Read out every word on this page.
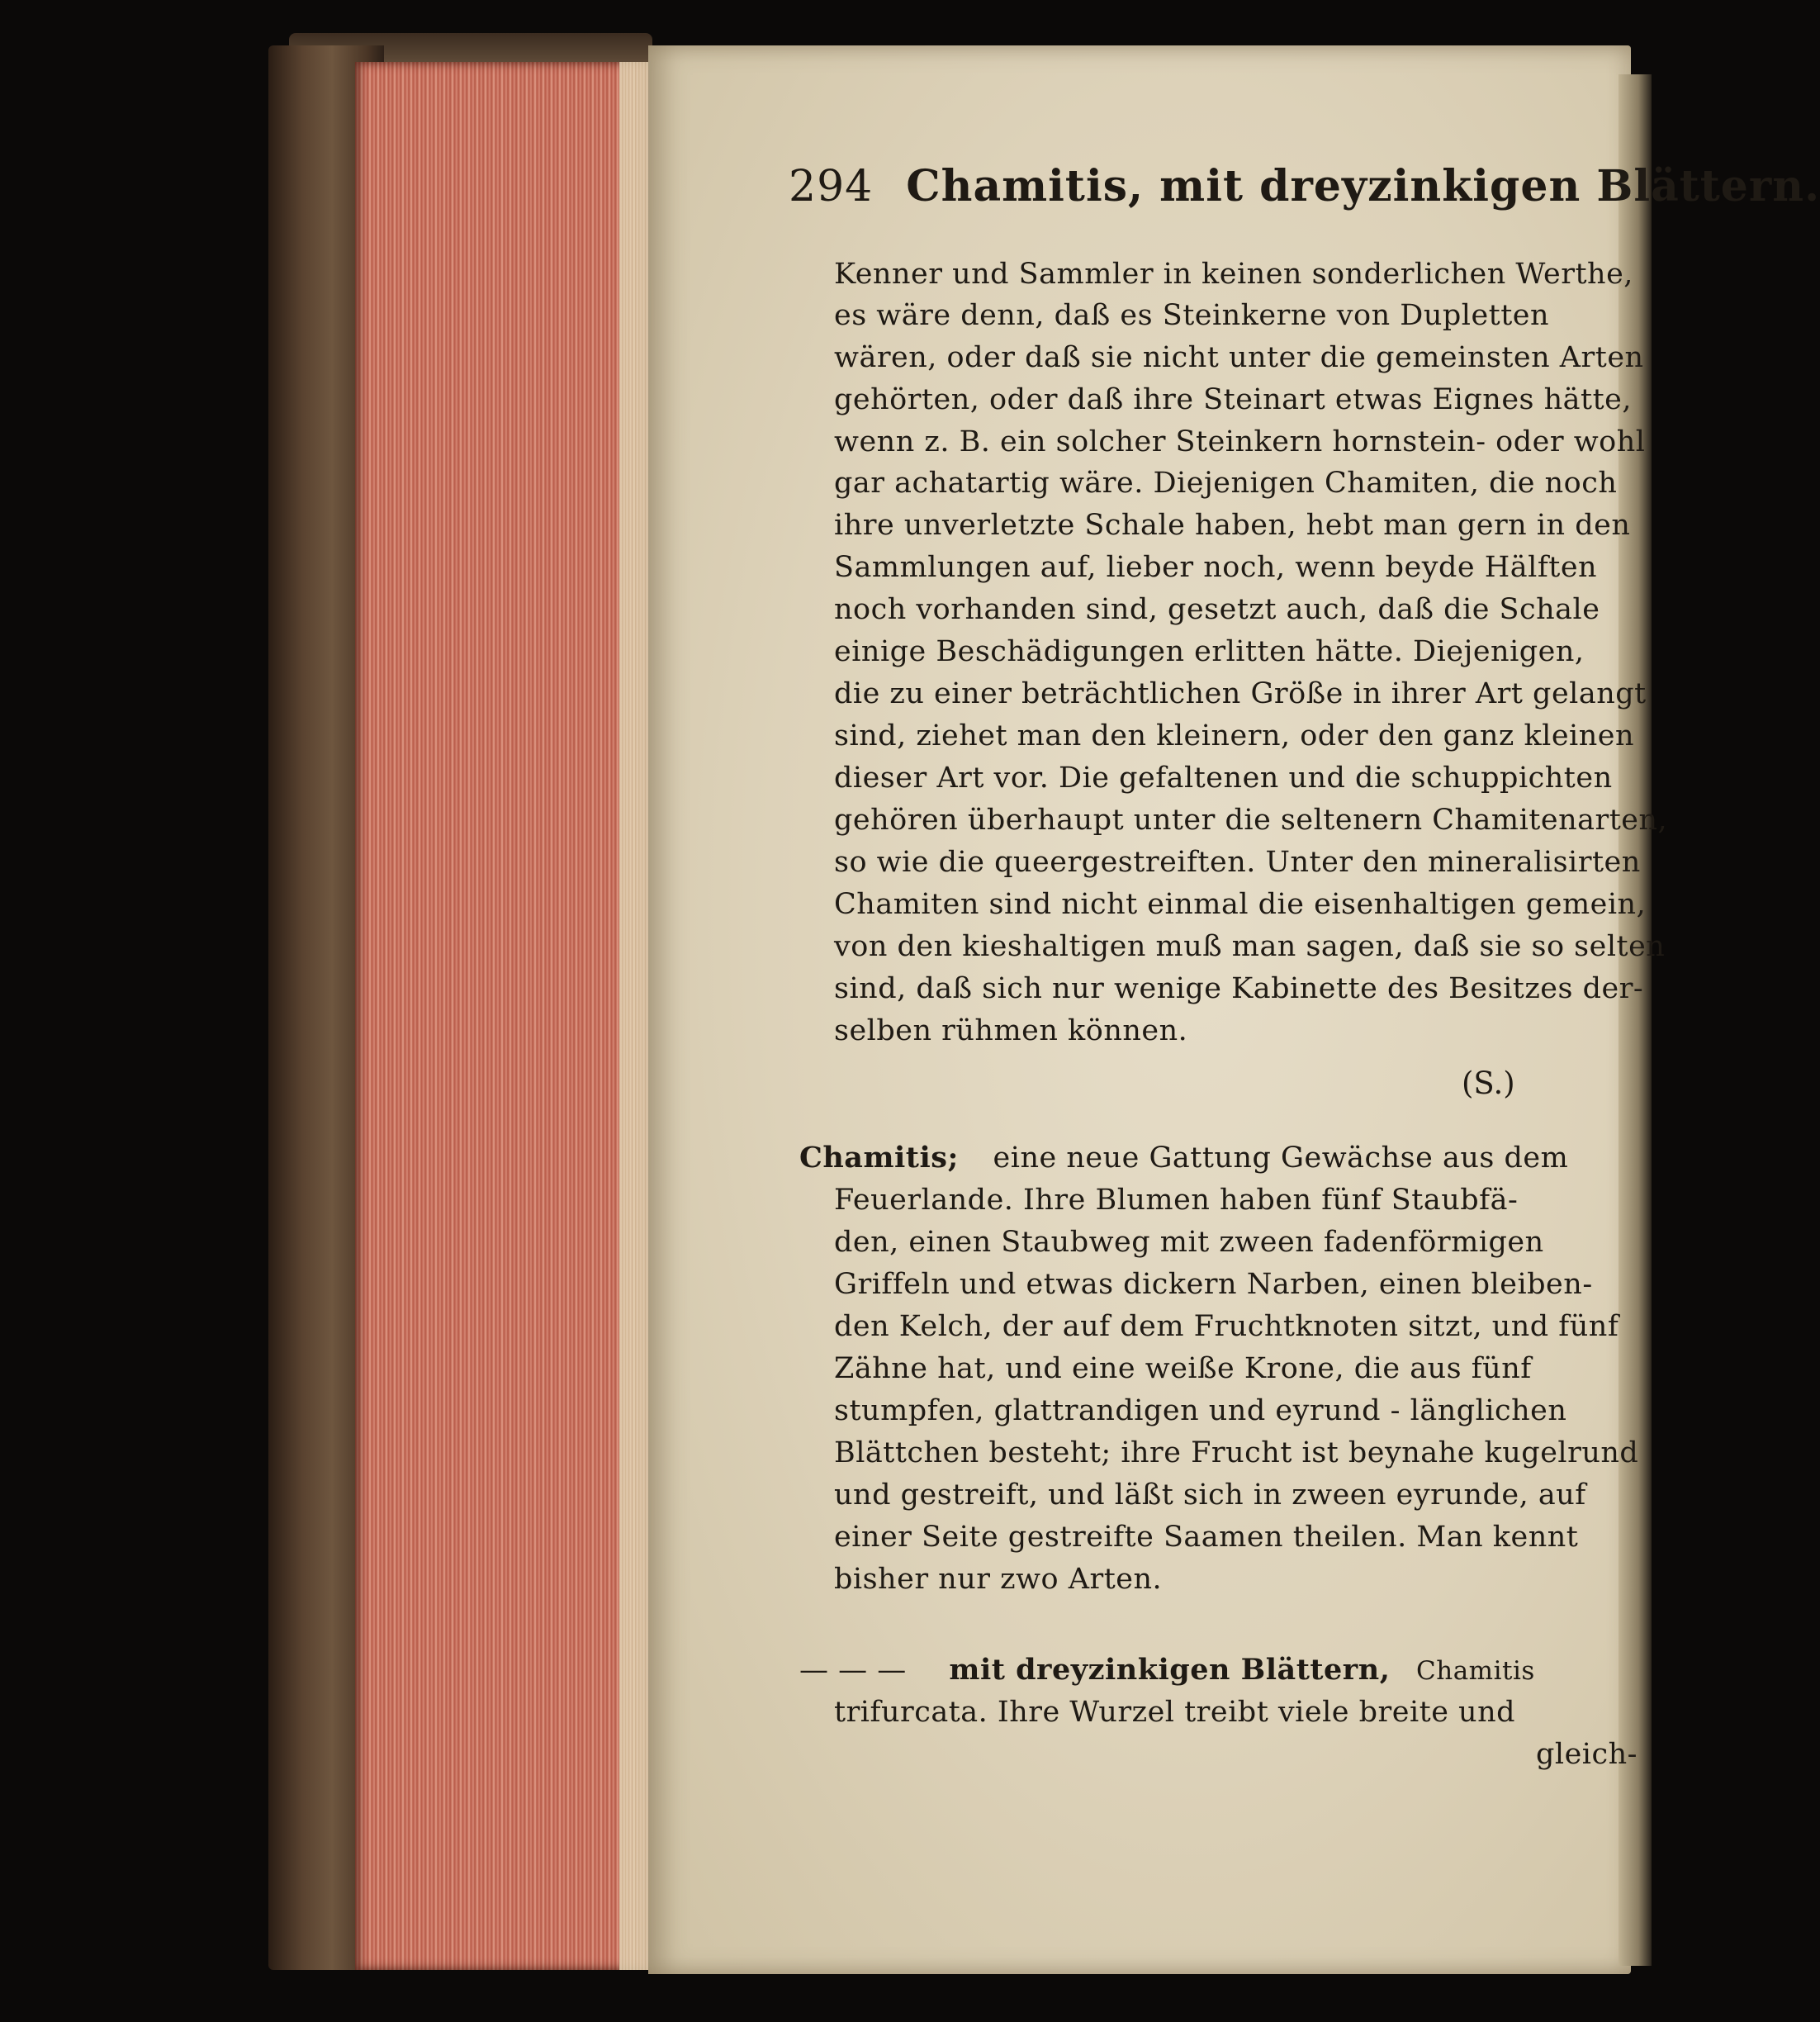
294 Chamitis, mit dreyzinkigen Blättern.
Kenner und Sammler in keinen sonderlichen Werthe,
es wäre denn, daß es Steinkerne von Dupletten
wären, oder daß sie nicht unter die gemeinsten Arten
gehörten, oder daß ihre Steinart etwas Eignes hätte,
wenn z. B. ein solcher Steinkern hornstein- oder wohl
gar achatartig wäre. Diejenigen Chamiten, die noch
ihre unverletzte Schale haben, hebt man gern in den
Sammlungen auf, lieber noch, wenn beyde Hälften
noch vorhanden sind, gesetzt auch, daß die Schale
einige Beschädigungen erlitten hätte. Diejenigen,
die zu einer beträchtlichen Größe in ihrer Art gelangt
sind, ziehet man den kleinern, oder den ganz kleinen
dieser Art vor. Die gefaltenen und die schuppichten
gehören überhaupt unter die seltenern Chamitenarten,
so wie die queergestreiften. Unter den mineralisirten
Chamiten sind nicht einmal die eisenhaltigen gemein,
von den kieshaltigen muß man sagen, daß sie so selten
sind, daß sich nur wenige Kabinette des Besitzes der-
selben rühmen können.
(S.)
Chamitis; eine neue Gattung Gewächse aus dem
Feuerlande. Ihre Blumen haben fünf Staubfä-
den, einen Staubweg mit zween fadenförmigen
Griffeln und etwas dickern Narben, einen bleiben-
den Kelch, der auf dem Fruchtknoten sitzt, und fünf
Zähne hat, und eine weiße Krone, die aus fünf
stumpfen, glattrandigen und eyrund - länglichen
Blättchen besteht; ihre Frucht ist beynahe kugelrund
und gestreift, und läßt sich in zween eyrunde, auf
einer Seite gestreifte Saamen theilen. Man kennt
bisher nur zwo Arten.
— — — mit dreyzinkigen Blättern, Chamitis
trifurcata. Ihre Wurzel treibt viele breite und
gleich-
